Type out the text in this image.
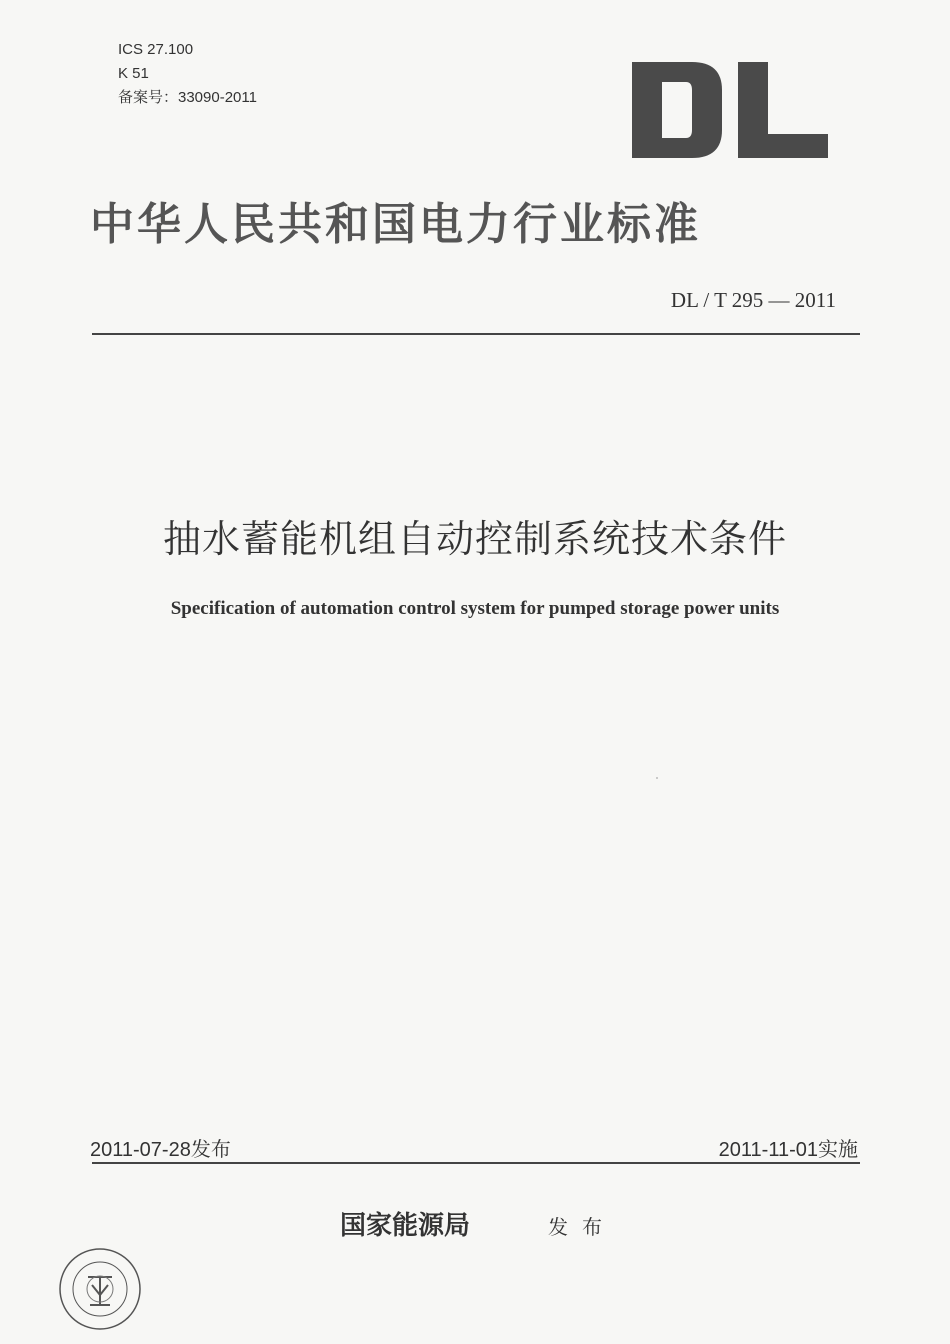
ICS 27.100
K 51
备案号：33090-2011
中华人民共和国电力行业标准
DL / T 295 — 2011
抽水蓄能机组自动控制系统技术条件
Specification of automation control system for pumped storage power units
2011-07-28发布	2011-11-01实施
国家能源局	发布
